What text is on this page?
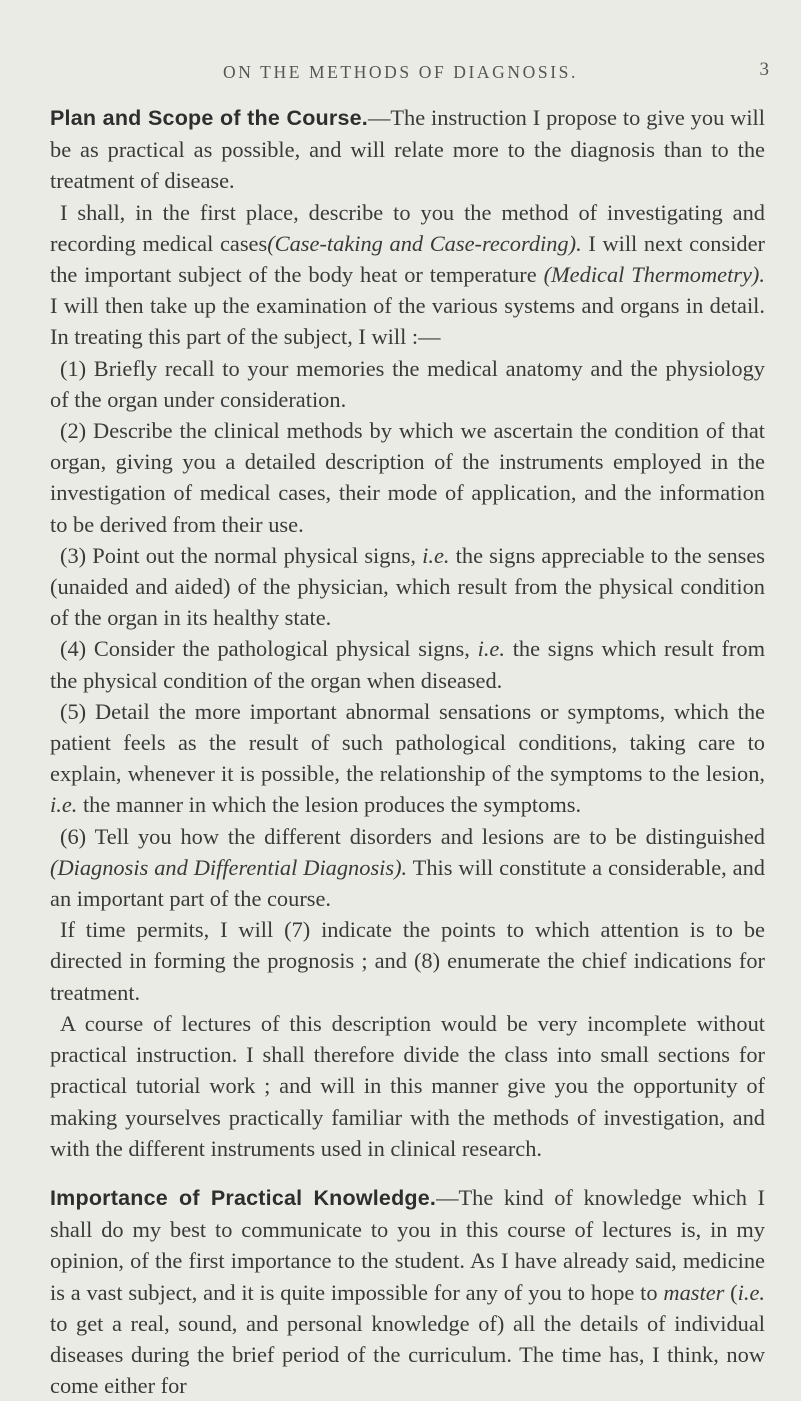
ON THE METHODS OF DIAGNOSIS.	3

Plan and Scope of the Course.—The instruction I propose to give you will be as practical as possible, and will relate more to the diagnosis than to the treatment of disease.

I shall, in the first place, describe to you the method of investigating and recording medical cases(Case-taking and Case-recording). I will next consider the important subject of the body heat or temperature (Medical Thermometry). I will then take up the examination of the various systems and organs in detail. In treating this part of the subject, I will :—

(1) Briefly recall to your memories the medical anatomy and the physiology of the organ under consideration.

(2) Describe the clinical methods by which we ascertain the condition of that organ, giving you a detailed description of the instruments employed in the investigation of medical cases, their mode of application, and the information to be derived from their use.

(3) Point out the normal physical signs, i.e. the signs appreciable to the senses (unaided and aided) of the physician, which result from the physical condition of the organ in its healthy state.

(4) Consider the pathological physical signs, i.e. the signs which result from the physical condition of the organ when diseased.

(5) Detail the more important abnormal sensations or symptoms, which the patient feels as the result of such pathological conditions, taking care to explain, whenever it is possible, the relationship of the symptoms to the lesion, i.e. the manner in which the lesion produces the symptoms.

(6) Tell you how the different disorders and lesions are to be distinguished (Diagnosis and Differential Diagnosis). This will constitute a considerable, and an important part of the course.

If time permits, I will (7) indicate the points to which attention is to be directed in forming the prognosis ; and (8) enumerate the chief indications for treatment.

A course of lectures of this description would be very incomplete without practical instruction. I shall therefore divide the class into small sections for practical tutorial work ; and will in this manner give you the opportunity of making yourselves practically familiar with the methods of investigation, and with the different instruments used in clinical research.

Importance of Practical Knowledge.—The kind of knowledge which I shall do my best to communicate to you in this course of lectures is, in my opinion, of the first importance to the student. As I have already said, medicine is a vast subject, and it is quite impossible for any of you to hope to master (i.e. to get a real, sound, and personal knowledge of) all the details of individual diseases during the brief period of the curriculum. The time has, I think, now come either for
